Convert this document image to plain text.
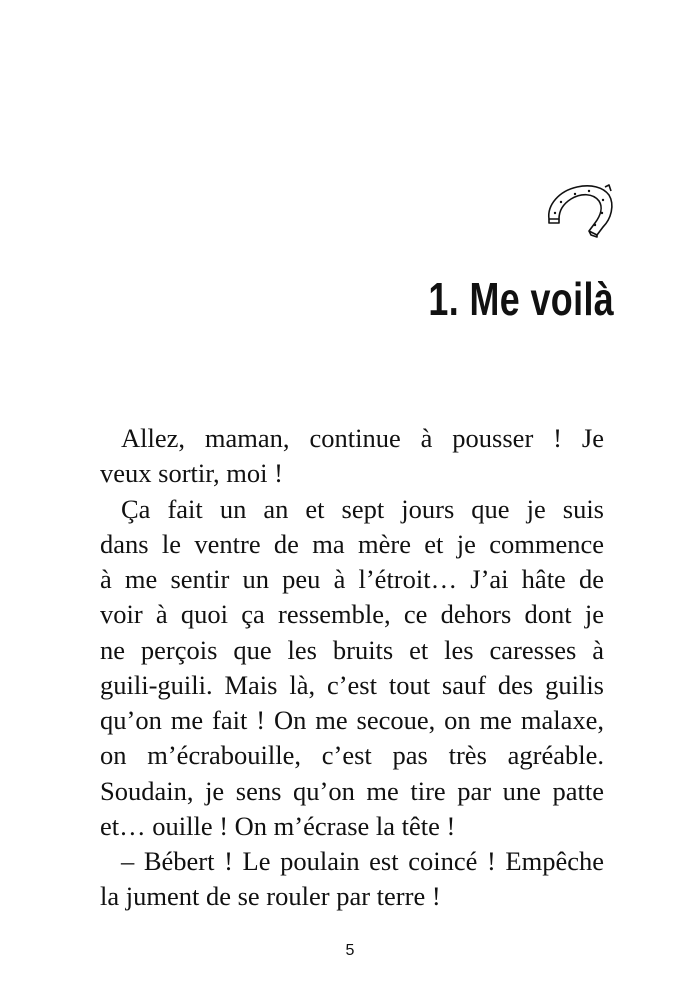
1. Me voilà
Allez, maman, continue à pousser ! Je
veux sortir, moi !
Ça fait un an et sept jours que je suis
dans le ventre de ma mère et je commence
à me sentir un peu à l’étroit… J’ai hâte de
voir à quoi ça ressemble, ce dehors dont je
ne perçois que les bruits et les caresses à
guili-guili. Mais là, c’est tout sauf des guilis
qu’on me fait ! On me secoue, on me malaxe,
on m’écrabouille, c’est pas très agréable.
Soudain, je sens qu’on me tire par une patte
et… ouille ! On m’écrase la tête !
– Bébert ! Le poulain est coincé ! Empêche
la jument de se rouler par terre !
5
